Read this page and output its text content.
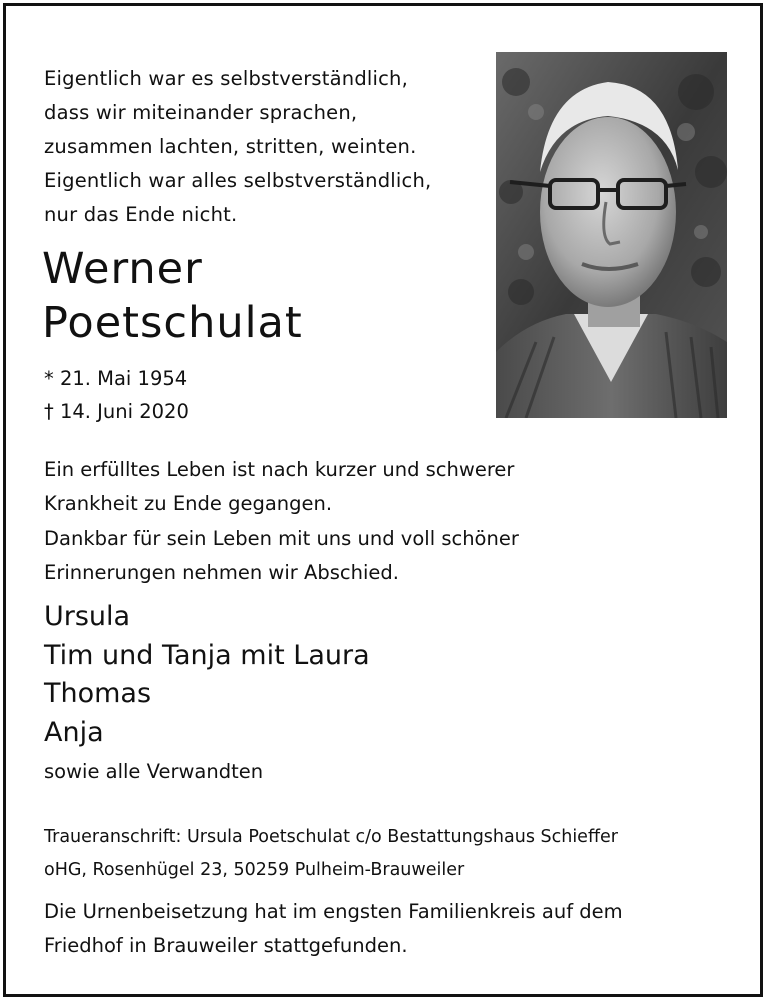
Eigentlich war es selbstverständlich,
dass wir miteinander sprachen,
zusammen lachten, stritten, weinten.
Eigentlich war alles selbstverständlich,
nur das Ende nicht.
Werner
Poetschulat
* 21. Mai 1954
† 14. Juni 2020
Ein erfülltes Leben ist nach kurzer und schwerer
Krankheit zu Ende gegangen.
Dankbar für sein Leben mit uns und voll schöner
Erinnerungen nehmen wir Abschied.
Ursula
Tim und Tanja mit Laura
Thomas
Anja
sowie alle Verwandten
Traueranschrift: Ursula Poetschulat c/o Bestattungshaus Schieffer
oHG, Rosenhügel 23, 50259 Pulheim-Brauweiler
Die Urnenbeisetzung hat im engsten Familienkreis auf dem
Friedhof in Brauweiler stattgefunden.
